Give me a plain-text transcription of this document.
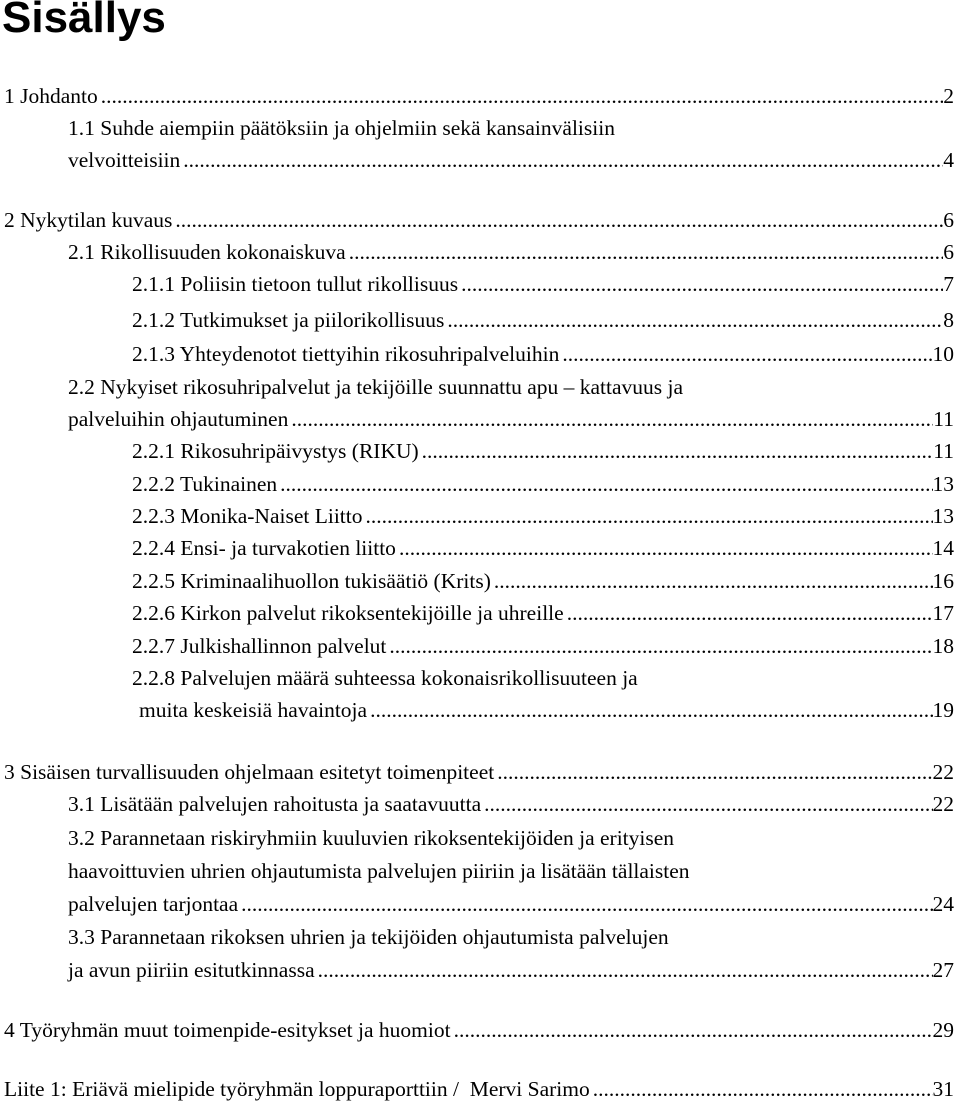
Sisällys
1 Johdanto .....	2
1.1 Suhde aiempiin päätöksiin ja ohjelmiin sekä kansainvälisiin
velvoitteisiin .....	4
2 Nykytilan kuvaus .....	6
2.1 Rikollisuuden kokonaiskuva .....	6
2.1.1 Poliisin tietoon tullut rikollisuus .....	7
2.1.2 Tutkimukset ja piilorikollisuus .....	8
2.1.3 Yhteydenotot tiettyihin rikosuhripalveluihin .....	10
2.2 Nykyiset rikosuhripalvelut ja tekijöille suunnattu apu – kattavuus ja
palveluihin ohjautuminen .....	11
2.2.1 Rikosuhripäivystys (RIKU) .....	11
2.2.2 Tukinainen .....	13
2.2.3 Monika-Naiset Liitto .....	13
2.2.4 Ensi- ja turvakotien liitto .....	14
2.2.5 Kriminaalihuollon tukisäätiö (Krits) .....	16
2.2.6 Kirkon palvelut rikoksentekijöille ja uhreille .....	17
2.2.7 Julkishallinnon palvelut .....	18
2.2.8 Palvelujen määrä suhteessa kokonaisrikollisuuteen ja
muita keskeisiä havaintoja .....	19
3 Sisäisen turvallisuuden ohjelmaan esitetyt toimenpiteet .....	22
3.1 Lisätään palvelujen rahoitusta ja saatavuutta .....	22
3.2 Parannetaan riskiryhmiin kuuluvien rikoksentekijöiden ja erityisen
haavoittuvien uhrien ohjautumista palvelujen piiriin ja lisätään tällaisten
palvelujen tarjontaa .....	24
3.3 Parannetaan rikoksen uhrien ja tekijöiden ohjautumista palvelujen
ja avun piiriin esitutkinnassa .....	27
4 Työryhmän muut toimenpide-esitykset ja huomiot .....	29
Liite 1: Eriävä mielipide työryhmän loppuraporttiin /  Mervi Sarimo .....	31
